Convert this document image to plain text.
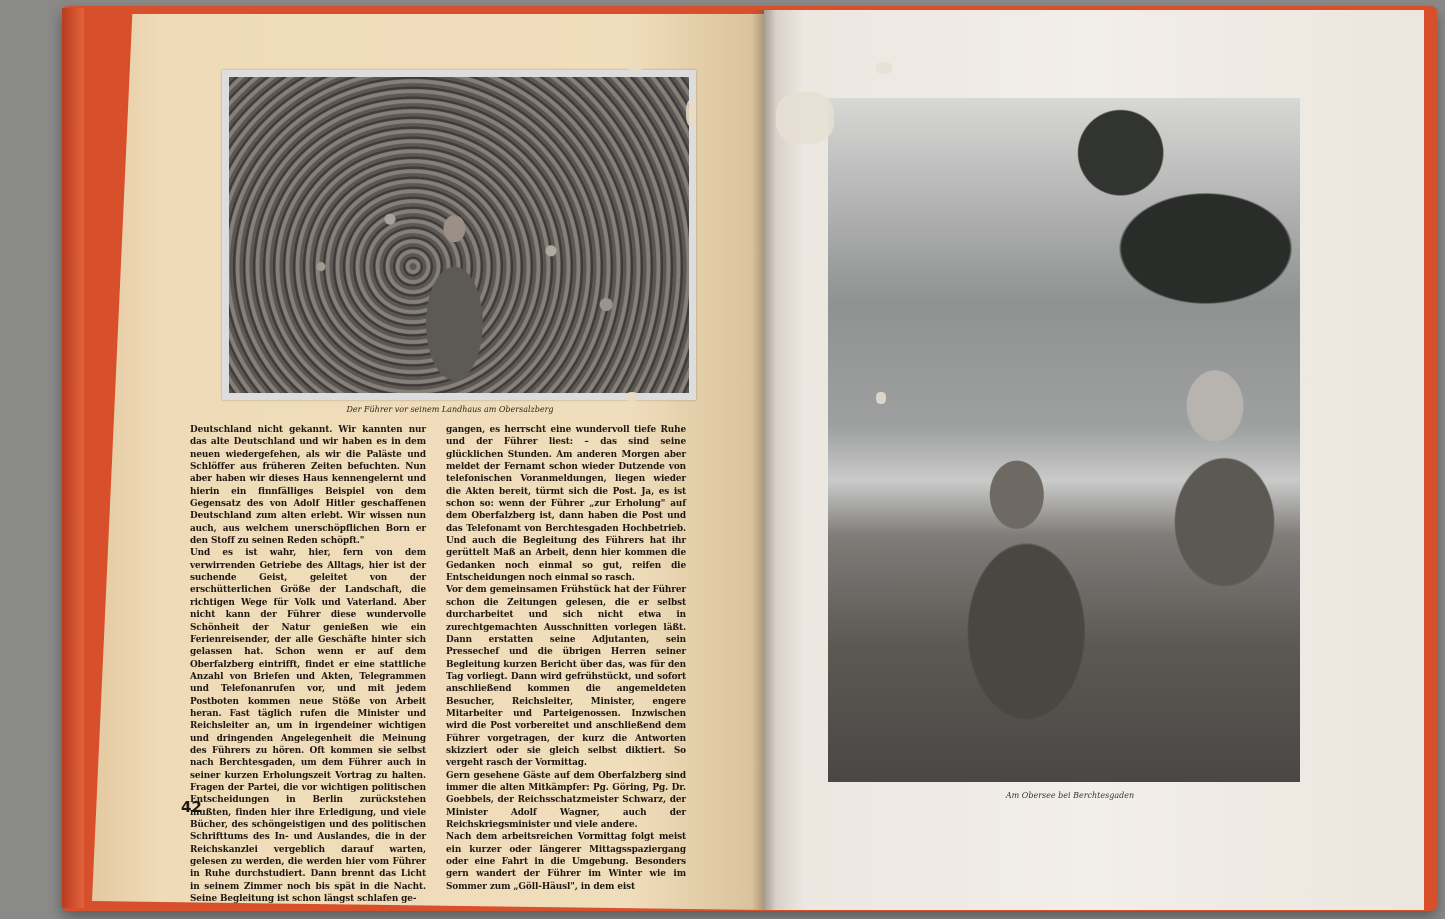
Der Führer vor seinem Landhaus am Obersalzberg

Deutschland nicht gekannt. Wir kannten nur das alte Deutschland und wir haben es in dem neuen wiedergefehen, als wir die Paläste und Schlöffer aus früheren Zeiten befuchten. Nun aber haben wir dieses Haus kennengelernt und hierin ein finnfälliges Beispiel von dem Gegensatz des von Adolf Hitler geschaffenen Deutschland zum alten erlebt. Wir wissen nun auch, aus welchem unerschöpflichen Born er den Stoff zu seinen Reden schöpft."

Und es ist wahr, hier, fern von dem verwirrenden Getriebe des Alltags, hier ist der suchende Geist, geleitet von der erschütterlichen Größe der Landschaft, die richtigen Wege für Volk und Vaterland. Aber nicht kann der Führer diese wundervolle Schönheit der Natur genießen wie ein Ferienreisender, der alle Geschäfte hinter sich gelassen hat. Schon wenn er auf dem Oberfalzberg eintrifft, findet er eine stattliche Anzahl von Briefen und Akten, Telegrammen und Telefonanrufen vor, und mit jedem Postboten kommen neue Stöße von Arbeit heran. Fast täglich rufen die Minister und Reichsleiter an, um in irgendeiner wichtigen und dringenden Angelegenheit die Meinung des Führers zu hören. Oft kommen sie selbst nach Berchtesgaden, um dem Führer auch in seiner kurzen Erholungszeit Vortrag zu halten. Fragen der Partei, die vor wichtigen politischen Entscheidungen in Berlin zurückstehen mußten, finden hier ihre Erledigung, und viele Bücher, des schöngeistigen und des politischen Schrifttums des In- und Auslandes, die in der Reichskanzlei vergeblich darauf warten, gelesen zu werden, die werden hier vom Führer in Ruhe durchstudiert. Dann brennt das Licht in seinem Zimmer noch bis spät in die Nacht. Seine Begleitung ist schon längst schlafen ge-

gangen, es herrscht eine wundervoll tiefe Ruhe und der Führer liest: – das sind seine glücklichen Stunden. Am anderen Morgen aber meldet der Fernamt schon wieder Dutzende von telefonischen Voranmeldungen, liegen wieder die Akten bereit, türmt sich die Post. Ja, es ist schon so: wenn der Führer „zur Erholung" auf dem Oberfalzberg ist, dann haben die Post und das Telefonamt von Berchtesgaden Hochbetrieb. Und auch die Begleitung des Führers hat ihr gerüttelt Maß an Arbeit, denn hier kommen die Gedanken noch einmal so gut, reifen die Entscheidungen noch einmal so rasch.

Vor dem gemeinsamen Frühstück hat der Führer schon die Zeitungen gelesen, die er selbst durcharbeitet und sich nicht etwa in zurechtgemachten Ausschnitten vorlegen läßt. Dann erstatten seine Adjutanten, sein Pressechef und die übrigen Herren seiner Begleitung kurzen Bericht über das, was für den Tag vorliegt. Dann wird gefrühstückt, und sofort anschließend kommen die angemeldeten Besucher, Reichsleiter, Minister, engere Mitarbeiter und Parteigenossen. Inzwischen wird die Post vorbereitet und anschließend dem Führer vorgetragen, der kurz die Antworten skizziert oder sie gleich selbst diktiert. So vergeht rasch der Vormittag.

Gern gesehene Gäste auf dem Oberfalzberg sind immer die alten Mitkämpfer: Pg. Göring, Pg. Dr. Goebbels, der Reichsschatzmeister Schwarz, der Minister Adolf Wagner, auch der Reichskriegsminister und viele andere.

Nach dem arbeitsreichen Vormittag folgt meist ein kurzer oder längerer Mittagsspaziergang oder eine Fahrt in die Umgebung. Besonders gern wandert der Führer im Winter wie im Sommer zum „Göll-Häusl", in dem eist

42
Am Obersee bei Berchtesgaden
